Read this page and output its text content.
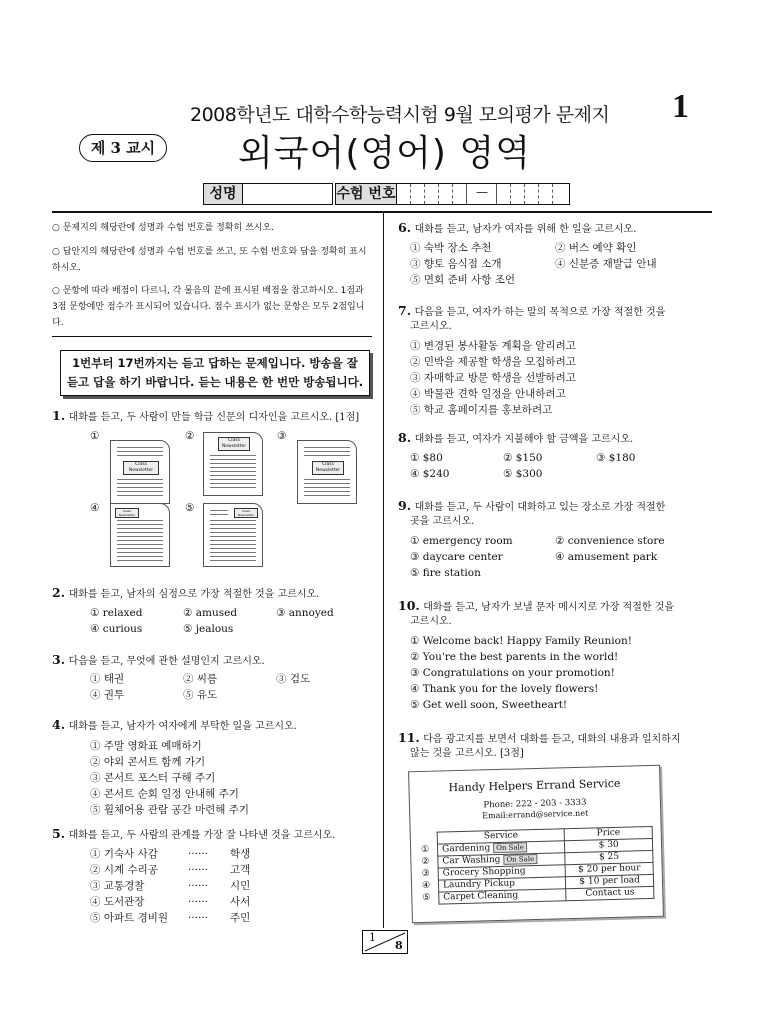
2008학년도 대학수학능력시험 9월 모의평가 문제지 1
제 3 교시	외국어(영어) 영역
성명	수험 번호	—
○ 문제지의 해당란에 성명과 수험 번호를 정확히 쓰시오.
○ 답안지의 해당란에 성명과 수험 번호를 쓰고, 또 수험 번호와 답을 정확히 표시하시오.
○ 문항에 따라 배점이 다르니, 각 물음의 끝에 표시된 배점을 참고하시오. 1점과 3점 문항에만 점수가 표시되어 있습니다. 점수 표시가 없는 문항은 모두 2점입니다.
1번부터 17번까지는 듣고 답하는 문제입니다. 방송을 잘
듣고 답을 하기 바랍니다. 듣는 내용은 한 번만 방송됩니다.
1. 대화를 듣고, 두 사람이 만들 학급 신문의 디자인을 고르시오. [1점]
①
Class Newsletter
②	Class Newsletter
③
Class Newsletter
④	Class Newsletter
⑤	Class Newsletter
2. 대화를 듣고, 남자의 심정으로 가장 적절한 것을 고르시오.
① relaxed	② amused	③ annoyed
④ curious	⑤ jealous
3. 다음을 듣고, 무엇에 관한 설명인지 고르시오.
① 태권	② 씨름	③ 검도
④ 권투	⑤ 유도
4. 대화를 듣고, 남자가 여자에게 부탁한 일을 고르시오.
① 주말 영화표 예매하기
② 야외 콘서트 함께 가기
③ 콘서트 포스터 구해 주기
④ 콘서트 순회 일정 안내해 주기
⑤ 휠체어용 관람 공간 마련해 주기
5. 대화를 듣고, 두 사람의 관계를 가장 잘 나타낸 것을 고르시오.
① 기숙사 사감	······ 학생
② 시계 수리공	······ 고객
③ 교통경찰	······ 시민
④ 도서관장	······ 사서
⑤ 아파트 경비원 ······ 주민
6. 대화를 듣고, 남자가 여자를 위해 한 일을 고르시오.
① 숙박 장소 추천	② 버스 예약 확인
③ 향토 음식점 소개	④ 신분증 재발급 안내
⑤ 면회 준비 사항 조언
7. 다음을 듣고, 여자가 하는 말의 목적으로 가장 적절한 것을
고르시오.
① 변경된 봉사활동 계획을 알리려고
② 민박을 제공할 학생을 모집하려고
③ 자매학교 방문 학생을 선발하려고
④ 박물관 견학 일정을 안내하려고
⑤ 학교 홈페이지를 홍보하려고
8. 대화를 듣고, 여자가 지불해야 할 금액을 고르시오.
① $80	② $150	③ $180
④ $240	⑤ $300
9. 대화를 듣고, 두 사람이 대화하고 있는 장소로 가장 적절한
곳을 고르시오.
① emergency room	② convenience store
③ daycare center	④ amusement park
⑤ fire station
10. 대화를 듣고, 남자가 보낼 문자 메시지로 가장 적절한 것을
고르시오.
① Welcome back! Happy Family Reunion!
② You're the best parents in the world!
③ Congratulations on your promotion!
④ Thank you for the lovely flowers!
⑤ Get well soon, Sweetheart!
11. 다음 광고지를 보면서 대화를 듣고, 대화의 내용과 일치하지
않는 것을 고르시오. [3점]
Handy Helpers Errand Service
Phone: 222 - 203 - 3333
Email:errand@service.net
	Service	Price
①	Gardening On Sale	$ 30
②	Car Washing On Sale	$ 25
③	Grocery Shopping	$ 20 per hour
④	Laundry Pickup	$ 10 per load
⑤	Carpet Cleaning	Contact us
1
8
